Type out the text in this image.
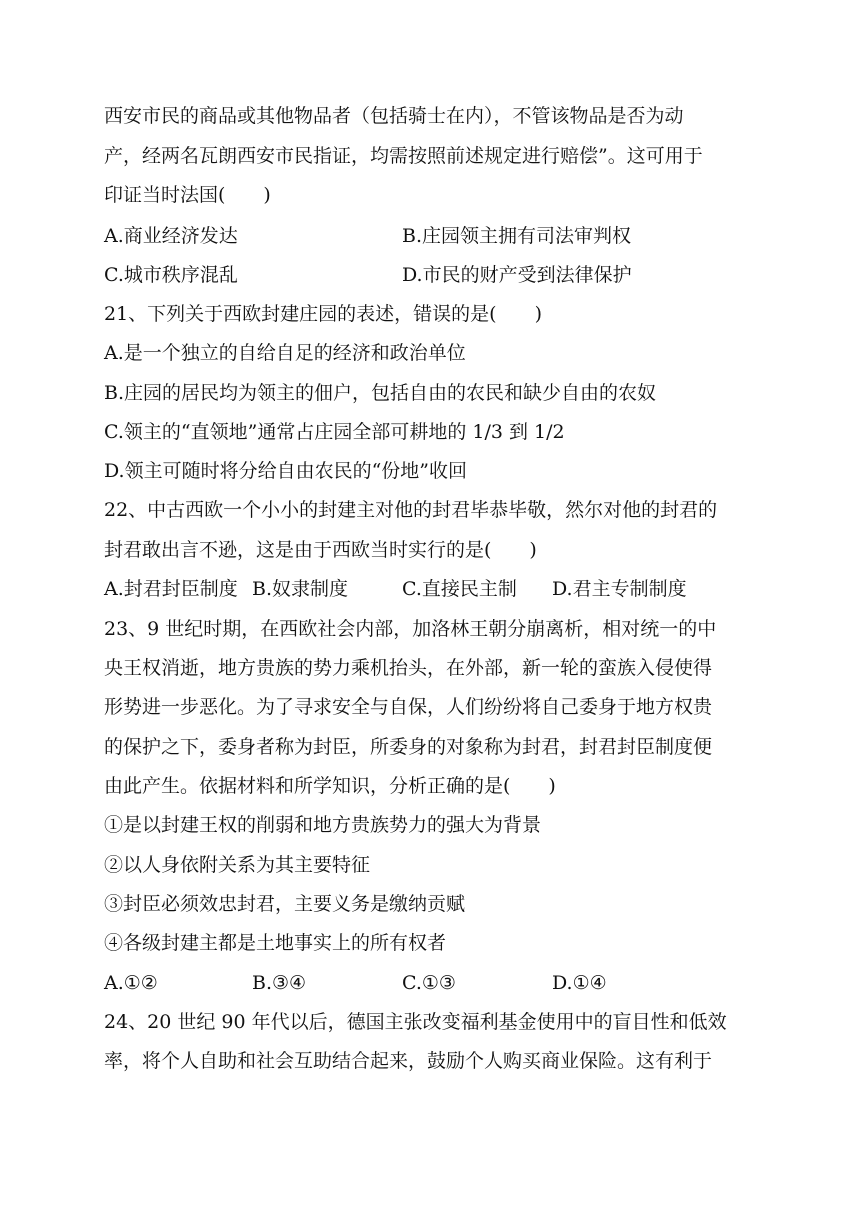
西安市民的商品或其他物品者（包括骑士在内），不管该物品是否为动
产，经两名瓦朗西安市民指证，均需按照前述规定进行赔偿”。这可用于
印证当时法国(　　)
A.商业经济发达	B.庄园领主拥有司法审判权
C.城市秩序混乱	D.市民的财产受到法律保护
21、下列关于西欧封建庄园的表述，错误的是(　　)
A.是一个独立的自给自足的经济和政治单位
B.庄园的居民均为领主的佃户，包括自由的农民和缺少自由的农奴
C.领主的“直领地”通常占庄园全部可耕地的 1/3 到 1/2
D.领主可随时将分给自由农民的“份地”收回
22、中古西欧一个小小的封建主对他的封君毕恭毕敬，然尔对他的封君的
封君敢出言不逊，这是由于西欧当时实行的是(　　)
A.封君封臣制度 B.奴隶制度	C.直接民主制 D.君主专制制度
23、9 世纪时期，在西欧社会内部，加洛林王朝分崩离析，相对统一的中
央王权消逝，地方贵族的势力乘机抬头，在外部，新一轮的蛮族入侵使得
形势进一步恶化。为了寻求安全与自保，人们纷纷将自己委身于地方权贵
的保护之下，委身者称为封臣，所委身的对象称为封君，封君封臣制度便
由此产生。依据材料和所学知识，分析正确的是(　　)
①是以封建王权的削弱和地方贵族势力的强大为背景
②以人身依附关系为其主要特征
③封臣必须效忠封君，主要义务是缴纳贡赋
④各级封建主都是土地事实上的所有权者
A.①②	B.③④	C.①③	D.①④
24、20 世纪 90 年代以后，德国主张改变福利基金使用中的盲目性和低效
率，将个人自助和社会互助结合起来，鼓励个人购买商业保险。这有利于
